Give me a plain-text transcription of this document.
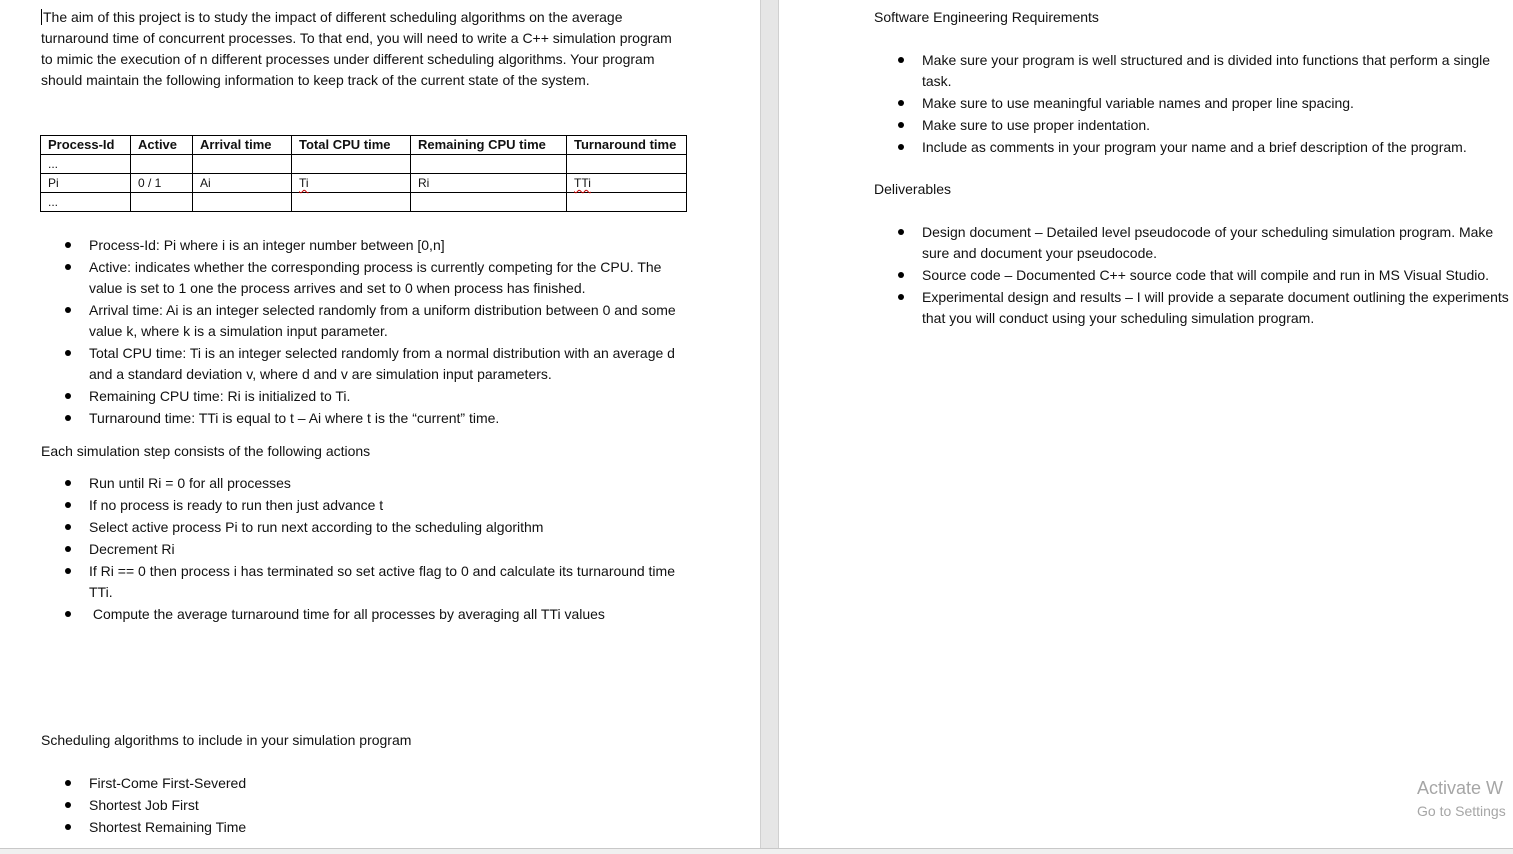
The aim of this project is to study the impact of different scheduling algorithms on the average turnaround time of concurrent processes. To that end, you will need to write a C++ simulation program to mimic the execution of n different processes under different scheduling algorithms. Your program should maintain the following information to keep track of the current state of the system.

Process-Id	Active	Arrival time	Total CPU time	Remaining CPU time	Turnaround time
...					
Pi	0 / 1	Ai	Ti	Ri	TTi
...					
Process-Id: Pi where i is an integer number between [0,n]
Active: indicates whether the corresponding process is currently competing for the CPU. The value is set to 1 one the process arrives and set to 0 when process has finished.
Arrival time: Ai is an integer selected randomly from a uniform distribution between 0 and some value k, where k is a simulation input parameter.
Total CPU time: Ti is an integer selected randomly from a normal distribution with an average d and a standard deviation v, where d and v are simulation input parameters.
Remaining CPU time: Ri is initialized to Ti.
Turnaround time: TTi is equal to t – Ai where t is the “current” time.

Each simulation step consists of the following actions

Run until Ri = 0 for all processes
If no process is ready to run then just advance t
Select active process Pi to run next according to the scheduling algorithm
Decrement Ri
If Ri == 0 then process i has terminated so set active flag to 0 and calculate its turnaround time TTi.
Compute the average turnaround time for all processes by averaging all TTi values

Scheduling algorithms to include in your simulation program

First-Come First-Severed
Shortest Job First
Shortest Remaining Time

Software Engineering Requirements

Make sure your program is well structured and is divided into functions that perform a single task.
Make sure to use meaningful variable names and proper line spacing.
Make sure to use proper indentation.
Include as comments in your program your name and a brief description of the program.

Deliverables

Design document – Detailed level pseudocode of your scheduling simulation program. Make sure and document your pseudocode.
Source code – Documented C++ source code that will compile and run in MS Visual Studio.
Experimental design and results – I will provide a separate document outlining the experiments that you will conduct using your scheduling simulation program.
Activate W
Go to Settings
